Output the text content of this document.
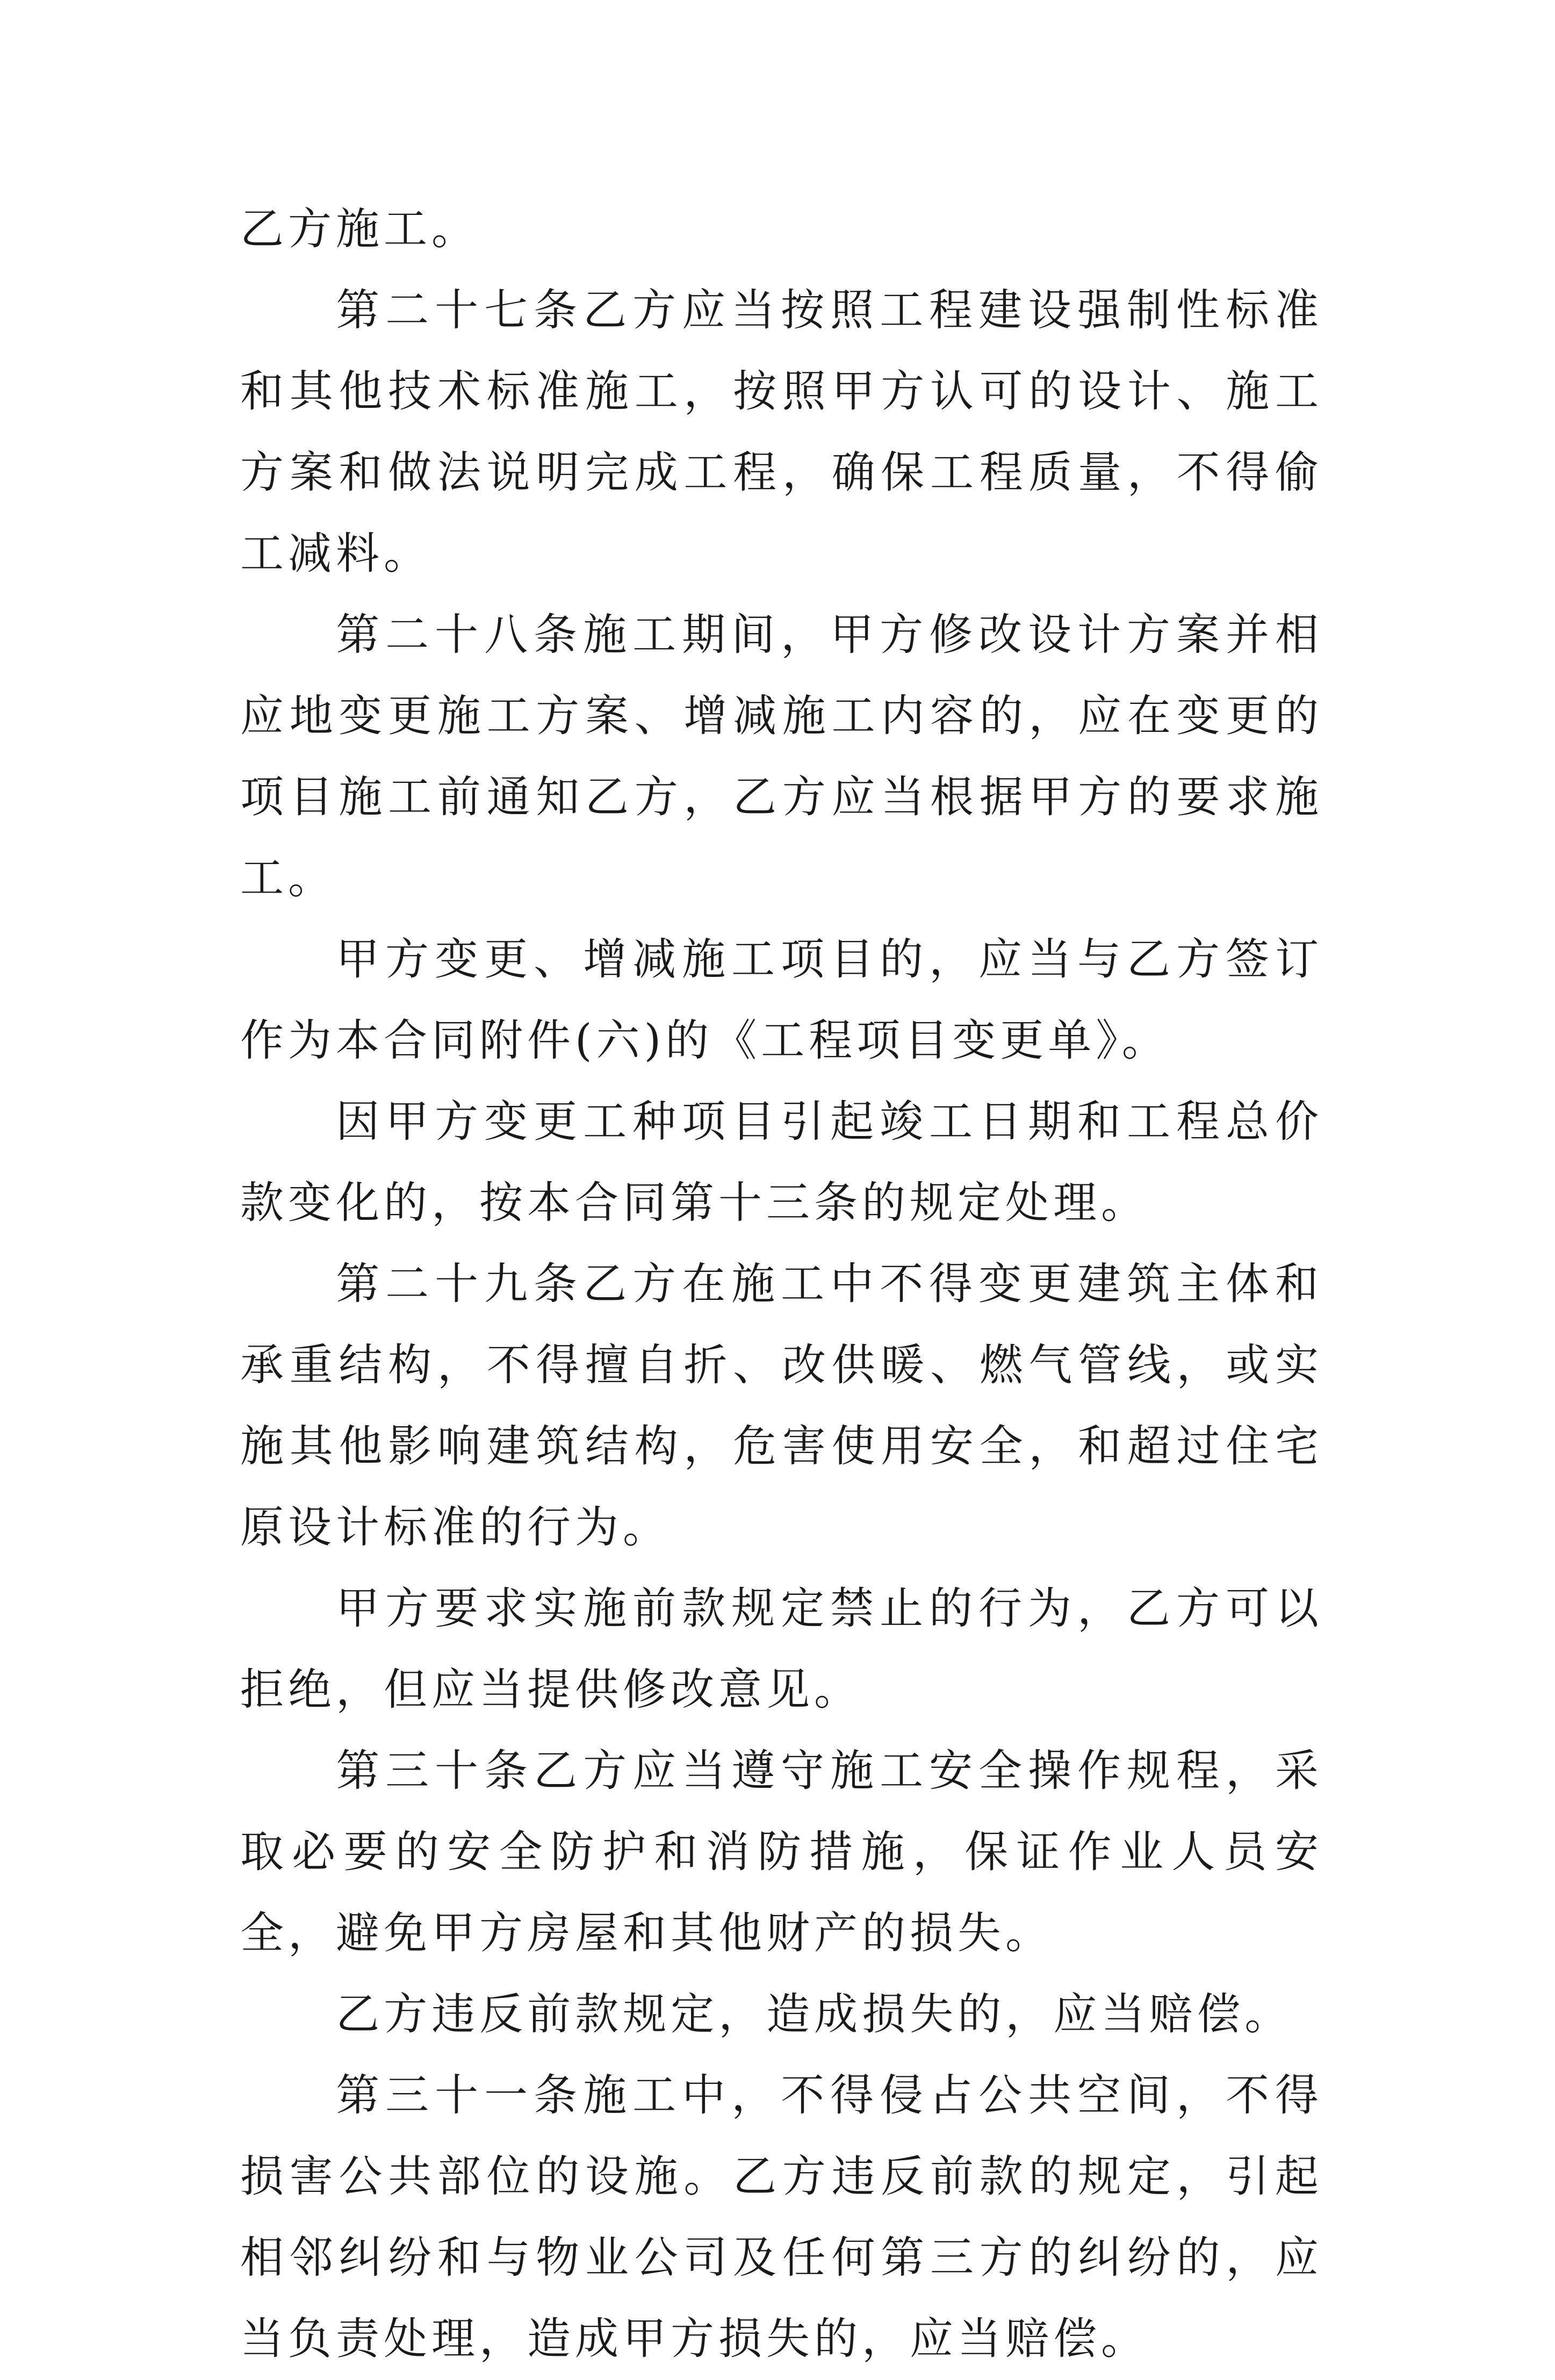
乙方施工。

第二十七条乙方应当按照工程建设强制性标准和其他技术标准施工，按照甲方认可的设计、施工方案和做法说明完成工程，确保工程质量，不得偷工减料。

第二十八条施工期间，甲方修改设计方案并相应地变更施工方案、增减施工内容的，应在变更的项目施工前通知乙方，乙方应当根据甲方的要求施工。

甲方变更、增减施工项目的，应当与乙方签订作为本合同附件(六)的《工程项目变更单》。

因甲方变更工种项目引起竣工日期和工程总价款变化的，按本合同第十三条的规定处理。

第二十九条乙方在施工中不得变更建筑主体和承重结构，不得擅自折、改供暖、燃气管线，或实施其他影响建筑结构，危害使用安全，和超过住宅原设计标准的行为。

甲方要求实施前款规定禁止的行为，乙方可以拒绝，但应当提供修改意见。

第三十条乙方应当遵守施工安全操作规程，采取必要的安全防护和消防措施，保证作业人员安全，避免甲方房屋和其他财产的损失。

乙方违反前款规定，造成损失的，应当赔偿。

第三十一条施工中，不得侵占公共空间，不得损害公共部位的设施。乙方违反前款的规定，引起相邻纠纷和与物业公司及任何第三方的纠纷的，应当负责处理，造成甲方损失的，应当赔偿。
